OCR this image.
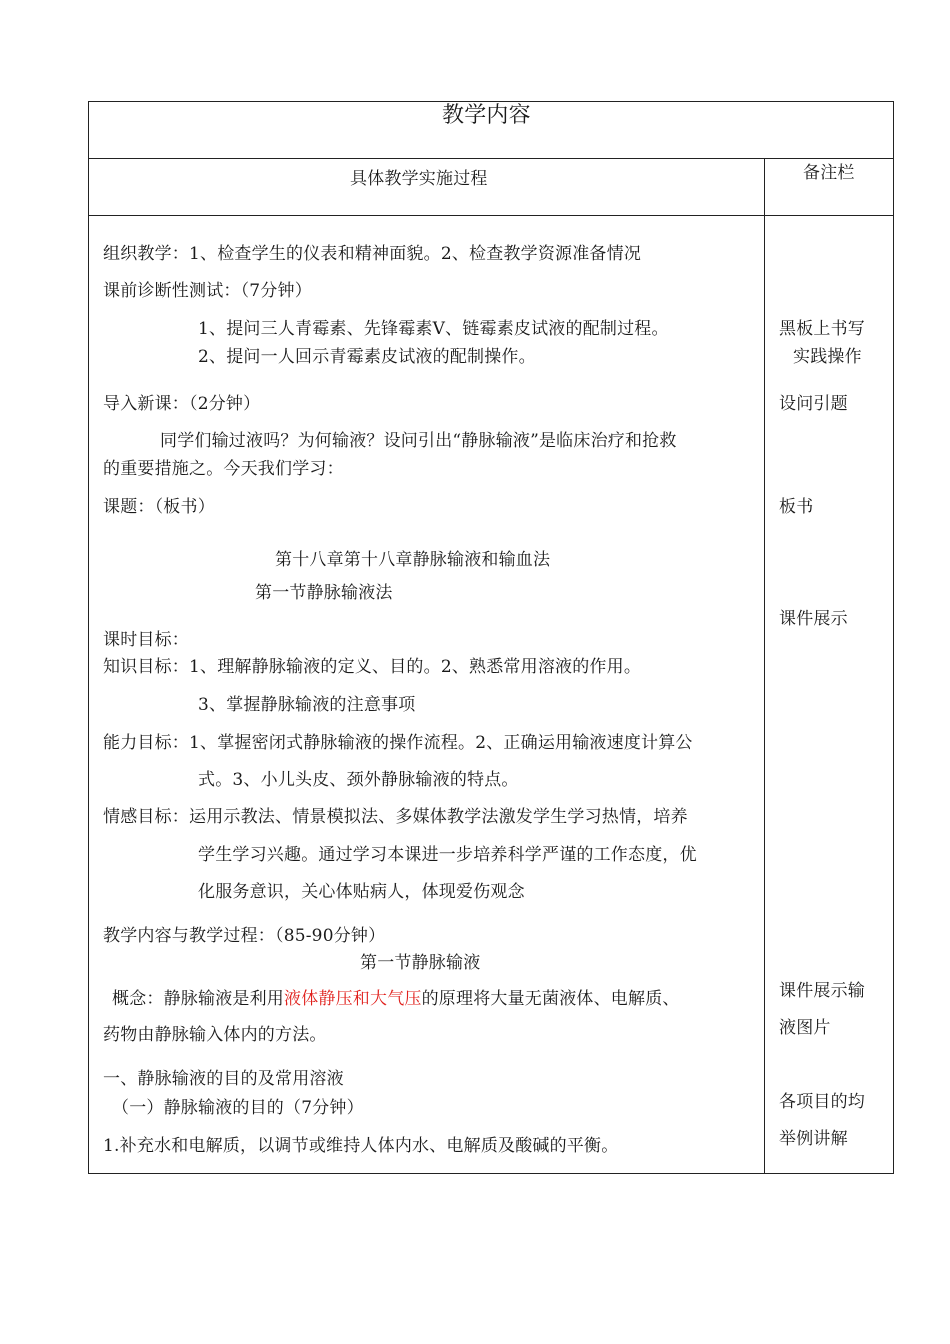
教学内容
具体教学实施过程	备注栏
组织教学：1、检查学生的仪表和精神面貌。2、检查教学资源准备情况
课前诊断性测试：（7分钟）
1、提问三人青霉素、先锋霉素V、链霉素皮试液的配制过程。
2、提问一人回示青霉素皮试液的配制操作。
导入新课：（2分钟）
同学们输过液吗？为何输液？设问引出“静脉输液”是临床治疗和抢救
的重要措施之。今天我们学习：
课题：（板书）
第十八章第十八章静脉输液和输血法
第一节静脉输液法
课时目标：
知识目标：1、理解静脉输液的定义、目的。2、熟悉常用溶液的作用。
3、掌握静脉输液的注意事项
能力目标：1、掌握密闭式静脉输液的操作流程。2、正确运用输液速度计算公
式。3、小儿头皮、颈外静脉输液的特点。
情感目标：运用示教法、情景模拟法、多媒体教学法激发学生学习热情，培养
学生学习兴趣。通过学习本课进一步培养科学严谨的工作态度，优
化服务意识，关心体贴病人，体现爱伤观念
教学内容与教学过程：（85-90分钟）
第一节静脉输液
概念：静脉输液是利用液体静压和大气压的原理将大量无菌液体、电解质、
药物由静脉输入体内的方法。
一、静脉输液的目的及常用溶液
（一）静脉输液的目的（7分钟）
1.补充水和电解质，以调节或维持人体内水、电解质及酸碱的平衡。
黑板上书写
实践操作
设问引题
板书
课件展示
课件展示输
液图片
各项目的均
举例讲解
